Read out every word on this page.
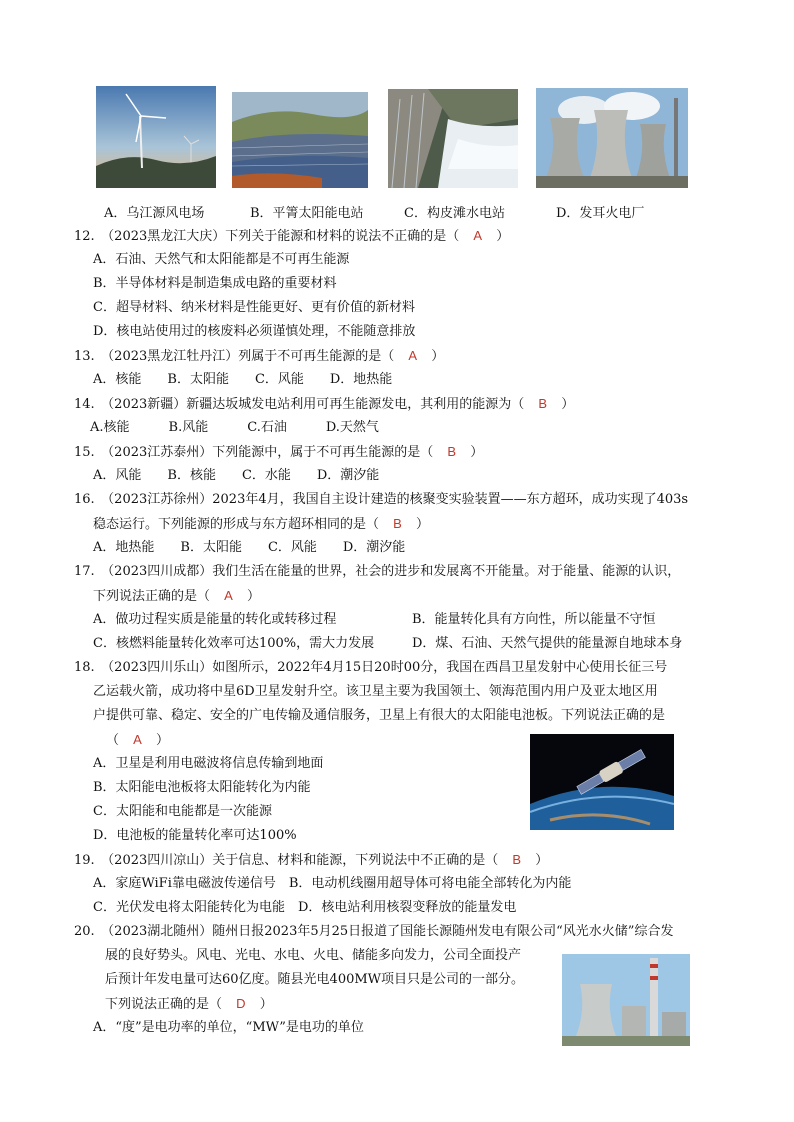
A．乌江源风电场	B．平箐太阳能电站	C．构皮滩水电站	D．发耳火电厂
12.　（2023黑龙江大庆）下列关于能源和材料的说法不正确的是（ A ）
A．石油、天然气和太阳能都是不可再生能源
B．半导体材料是制造集成电路的重要材料
C．超导材料、纳米材料是性能更好、更有价值的新材料
D．核电站使用过的核废料必须谨慎处理，不能随意排放
13.　（2023黑龙江牡丹江）列属于不可再生能源的是（ A ）
A．核能　　B．太阳能　　C．风能　　D．地热能
14.　（2023新疆）新疆达坂城发电站利用可再生能源发电，其利用的能源为（ B ）
A.核能　　　B.风能　　　C.石油　　　D.天然气
15.　（2023江苏泰州）下列能源中，属于不可再生能源的是（ B ）
A．风能　　B．核能　　C．水能　　D．潮汐能
16.　（2023江苏徐州）2023年4月，我国自主设计建造的核聚变实验装置——东方超环，成功实现了403s
稳态运行。下列能源的形成与东方超环相同的是（ B ）
A．地热能　　B．太阳能　　C．风能　　D．潮汐能
17.　（2023四川成都）我们生活在能量的世界，社会的进步和发展离不开能量。对于能量、能源的认识，
下列说法正确的是（ A ）
A．做功过程实质是能量的转化或转移过程	B．能量转化具有方向性，所以能量不守恒
C．核燃料能量转化效率可达100%，需大力发展	D．煤、石油、天然气提供的能量源自地球本身
18.　（2023四川乐山）如图所示，2022年4月15日20时00分，我国在西昌卫星发射中心使用长征三号
乙运载火箭，成功将中星6D卫星发射升空。该卫星主要为我国领土、领海范围内用户及亚太地区用
户提供可靠、稳定、安全的广电传输及通信服务，卫星上有很大的太阳能电池板。下列说法正确的是
（ A ）
A．卫星是利用电磁波将信息传输到地面
B．太阳能电池板将太阳能转化为内能
C．太阳能和电能都是一次能源
D．电池板的能量转化率可达100%
19.　（2023四川凉山）关于信息、材料和能源，下列说法中不正确的是（ B ）
A．家庭WiFi靠电磁波传递信号　B．电动机线圈用超导体可将电能全部转化为内能
C．光伏发电将太阳能转化为电能　D．核电站利用核裂变释放的能量发电
20.　（2023湖北随州）随州日报2023年5月25日报道了国能长源随州发电有限公司“风光水火储”综合发
展的良好势头。风电、光电、水电、火电、储能多向发力，公司全面投产
后预计年发电量可达60亿度。随县光电400MW项目只是公司的一部分。
下列说法正确的是（ D ）
A．“度”是电功率的单位，“MW”是电功的单位
